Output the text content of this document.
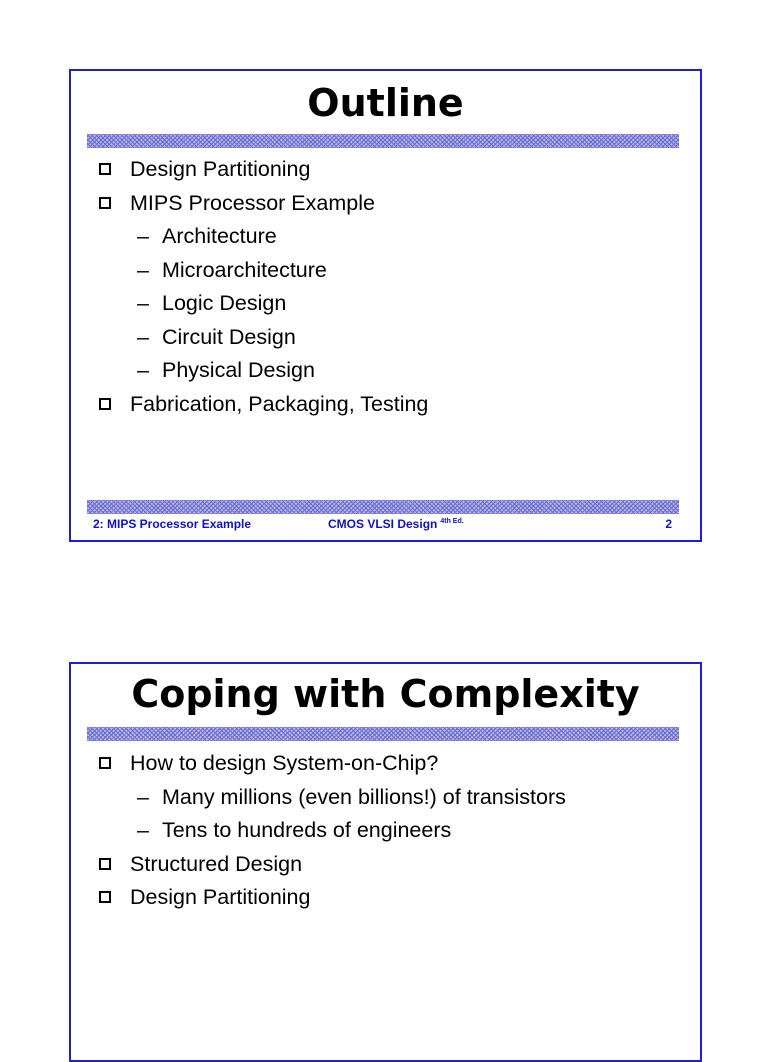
Outline
Design Partitioning
MIPS Processor Example
– Architecture
– Microarchitecture
– Logic Design
– Circuit Design
– Physical Design
Fabrication, Packaging, Testing
2: MIPS Processor Example	CMOS VLSI Design $^{4th Ed.}$	2
Coping with Complexity
How to design System-on-Chip?
– Many millions (even billions!) of transistors
– Tens to hundreds of engineers
Structured Design
Design Partitioning
